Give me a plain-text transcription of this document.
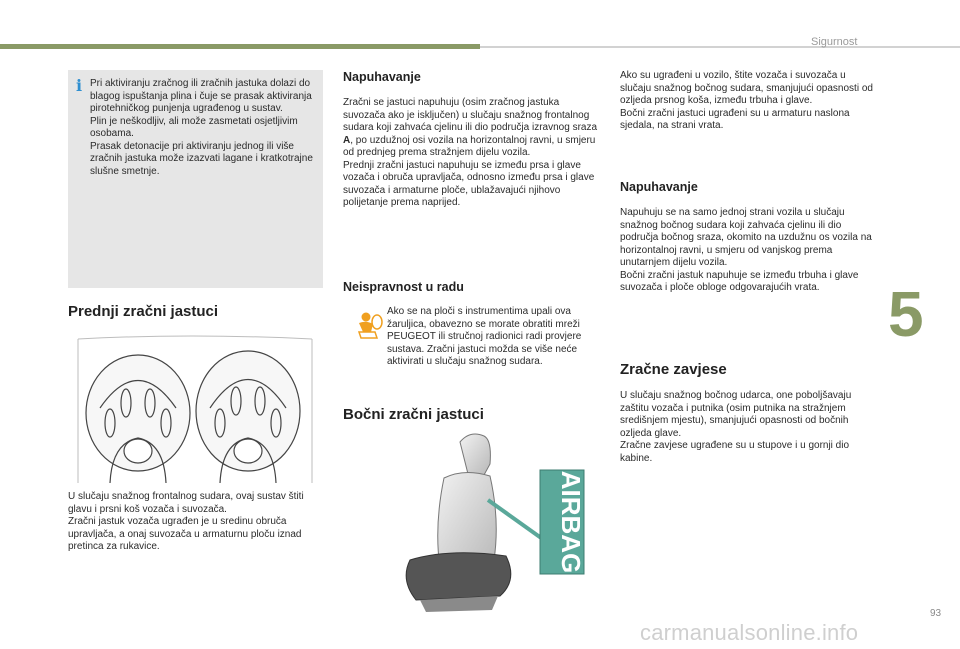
Sigurnost
5
93
carmanualsonline.info
i Pri aktiviranju zračnog ili zračnih jastuka dolazi do blagog ispuštanja plina i čuje se prasak aktiviranja pirotehničkog punjenja ugrađenog u sustav.
Plin je neškodljiv, ali može zasmetati osjetljivim osobama.
Prasak detonacije pri aktiviranju jednog ili više zračnih jastuka može izazvati lagane i kratkotrajne slušne smetnje.

Prednji zračni jastuci

U slučaju snažnog frontalnog sudara, ovaj sustav štiti glavu i prsni koš vozača i suvozača.
Zračni jastuk vozača ugrađen je u sredinu obruča upravljača, a onaj suvozača u armaturnu ploču iznad pretinca za rukavice.

Napuhavanje

Zračni se jastuci napuhuju (osim zračnog jastuka suvozača ako je isključen) u slučaju snažnog frontalnog sudara koji zahvaća cjelinu ili dio područja izravnog sraza A, po uzdužnoj osi vozila na horizontalnoj ravni, u smjeru od prednjeg prema stražnjem dijelu vozila.
Prednji zračni jastuci napuhuju se između prsa i glave vozača i obruča upravljača, odnosno između prsa i glave suvozača i armaturne ploče, ublažavajući njihovo polijetanje prema naprijed.

Neispravnost u radu

Ako se na ploči s instrumentima upali ova žaruljica, obavezno se morate obratiti mreži PEUGEOT ili stručnoj radionici radi provjere sustava. Zračni jastuci možda se više neće aktivirati u slučaju snažnog sudara.

Bočni zračni jastuci
AIRBAG

Ako su ugrađeni u vozilo, štite vozača i suvozača u slučaju snažnog bočnog sudara, smanjujući opasnosti od ozljeda prsnog koša, između trbuha i glave.
Bočni zračni jastuci ugrađeni su u armaturu naslona sjedala, na strani vrata.

Napuhavanje

Napuhuju se na samo jednoj strani vozila u slučaju snažnog bočnog sudara koji zahvaća cjelinu ili dio područja bočnog sraza, okomito na uzdužnu os vozila na horizontalnoj ravni, u smjeru od vanjskog prema unutarnjem dijelu vozila.
Bočni zračni jastuk napuhuje se između trbuha i glave suvozača i ploče obloge odgovarajućih vrata.

Zračne zavjese

U slučaju snažnog bočnog udarca, one poboljšavaju zaštitu vozača i putnika (osim putnika na stražnjem središnjem mjestu), smanjujući opasnosti od bočnih ozljeda glave.
Zračne zavjese ugrađene su u stupove i u gornji dio kabine.
